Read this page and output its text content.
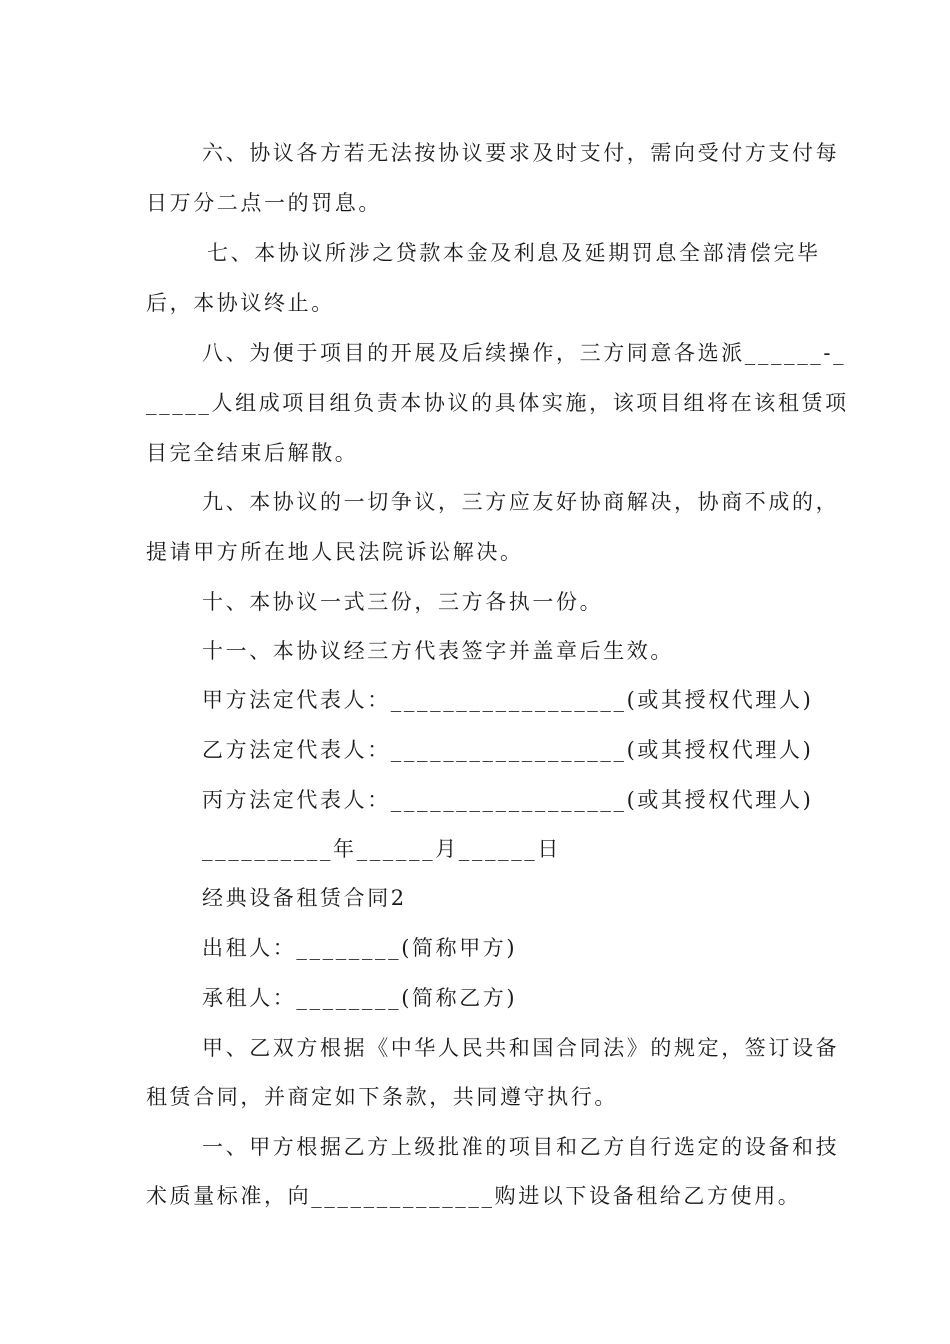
六、协议各方若无法按协议要求及时支付，需向受付方支付每
日万分二点一的罚息。
七、本协议所涉之贷款本金及利息及延期罚息全部清偿完毕
后，本协议终止。
八、为便于项目的开展及后续操作，三方同意各选派______-_
_____人组成项目组负责本协议的具体实施，该项目组将在该租赁项
目完全结束后解散。
九、本协议的一切争议，三方应友好协商解决，协商不成的，
提请甲方所在地人民法院诉讼解决。
十、本协议一式三份，三方各执一份。
十一、本协议经三方代表签字并盖章后生效。
甲方法定代表人：__________________(或其授权代理人)
乙方法定代表人：__________________(或其授权代理人)
丙方法定代表人：__________________(或其授权代理人)
__________年______月______日
经典设备租赁合同2
出租人：________(简称甲方)
承租人：________(简称乙方)
甲、乙双方根据《中华人民共和国合同法》的规定，签订设备
租赁合同，并商定如下条款，共同遵守执行。
一、甲方根据乙方上级批准的项目和乙方自行选定的设备和技
术质量标准，向______________购进以下设备租给乙方使用。
